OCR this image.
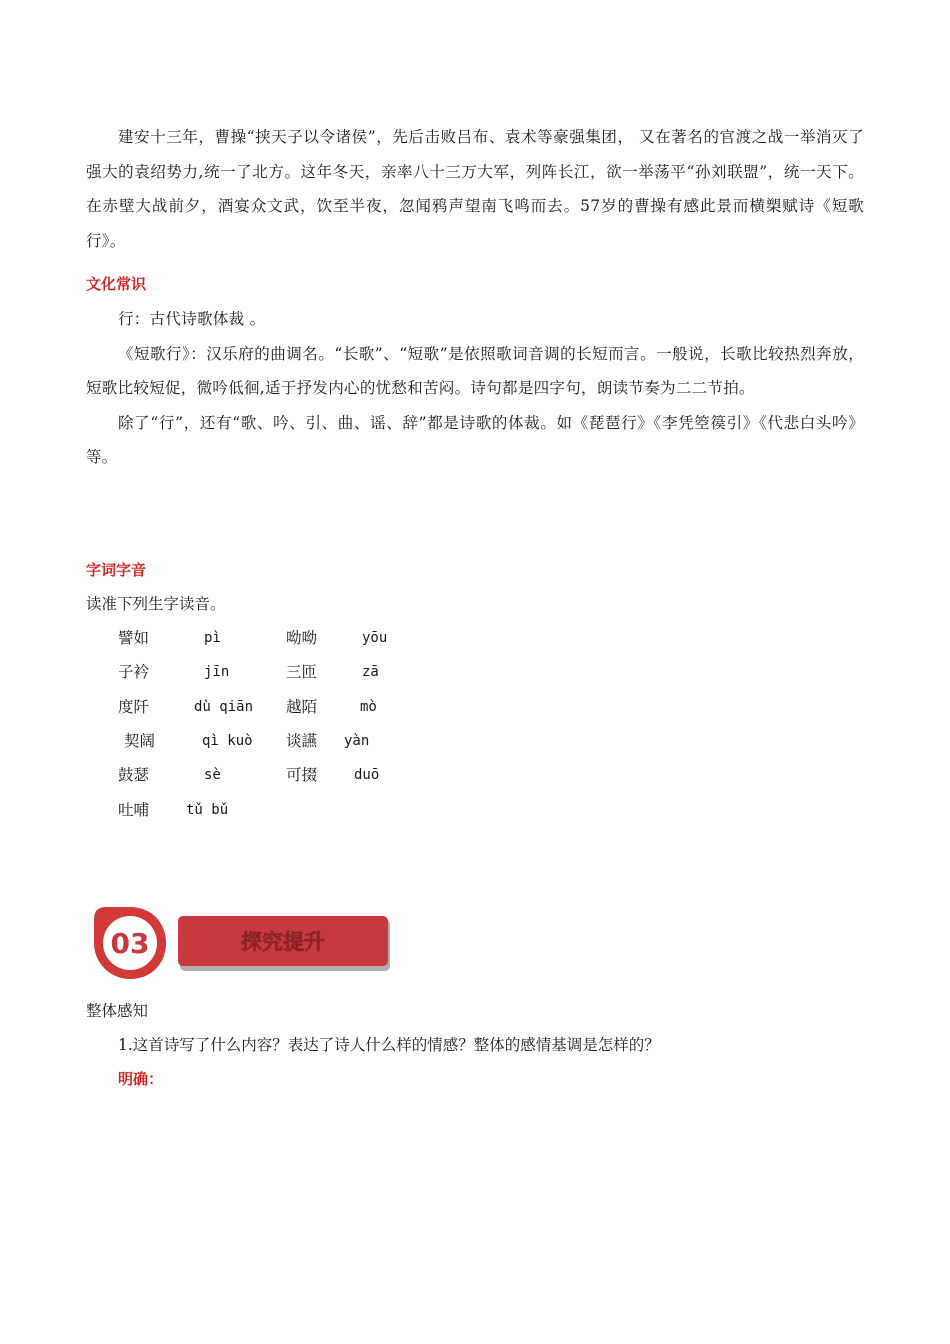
建安十三年，曹操“挟天子以令诸侯”，先后击败吕布、袁术等豪强集团， 又在著名的官渡之战一举消灭了强大的袁绍势力,统一了北方。这年冬天，亲率八十三万大军，列阵长江，欲一举荡平“孙刘联盟”，统一天下。在赤壁大战前夕，酒宴众文武，饮至半夜，忽闻鸦声望南飞鸣而去。57岁的曹操有感此景而横槊赋诗《短歌行》。

文化常识

行：古代诗歌体裁 。

《短歌行》：汉乐府的曲调名。“长歌”、“短歌”是依照歌词音调的长短而言。一般说，长歌比较热烈奔放，短歌比较短促，微吟低徊,适于抒发内心的忧愁和苦闷。诗句都是四字句，朗读节奏为二二节拍。

除了“行”，还有“歌、吟、引、曲、谣、辞”都是诗歌的体裁。如《琵琶行》《李凭箜篌引》《代悲白头吟》等。

字词字音
读准下列生字读音。
譬如	pì	呦呦	yōu
子衿	jīn	三匝	zā
度阡	dù qiān 越陌	mò
契阔	qì kuò 谈讌 yàn
鼓瑟	sè	可掇	duō
吐哺	tǔ bǔ
整体感知
03	探究提升
1.这首诗写了什么内容？表达了诗人什么样的情感？整体的感情基调是怎样的？
明确：
